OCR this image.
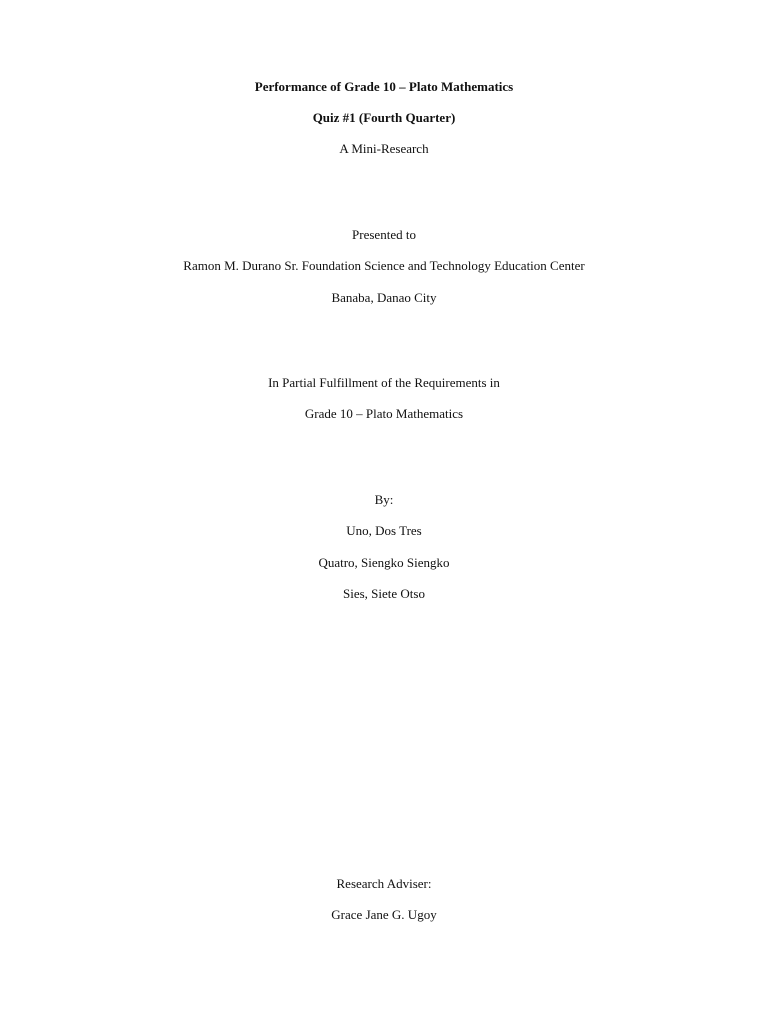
Performance of Grade 10 – Plato Mathematics

Quiz #1 (Fourth Quarter)

A Mini-Research

Presented to

Ramon M. Durano Sr. Foundation Science and Technology Education Center

Banaba, Danao City

In Partial Fulfillment of the Requirements in

Grade 10 – Plato Mathematics

By:

Uno, Dos Tres

Quatro, Siengko Siengko

Sies, Siete Otso

Research Adviser:

Grace Jane G. Ugoy
